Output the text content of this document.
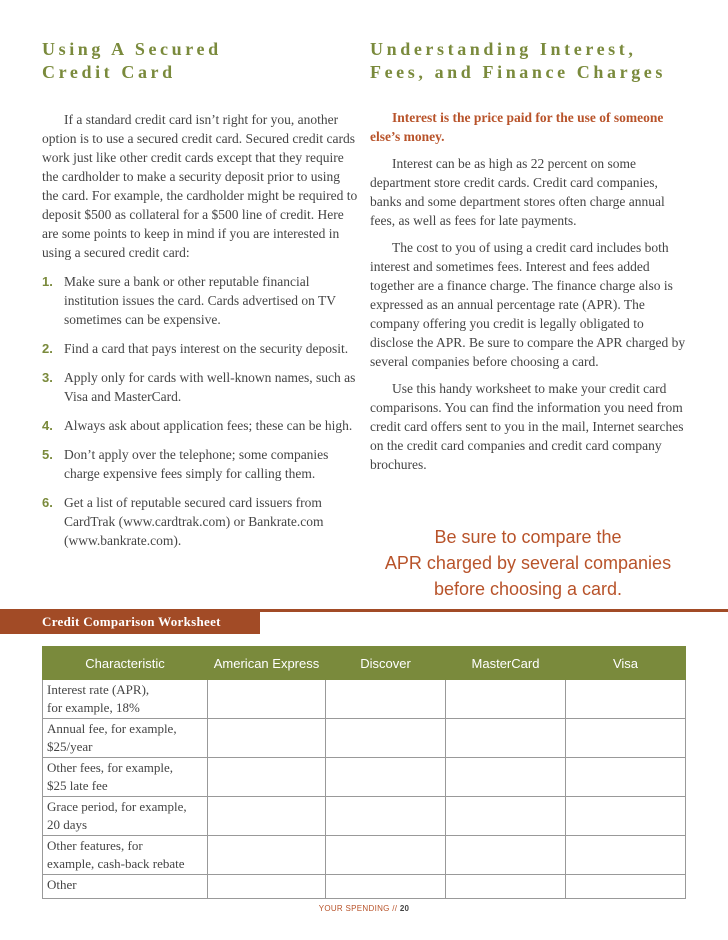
Using A Secured
Credit Card

If a standard credit card isn’t right for you, another option is to use a secured credit card. Secured credit cards work just like other credit cards except that they require the cardholder to make a security deposit prior to using the card. For example, the cardholder might be required to deposit $500 as collateral for a $500 line of credit. Here are some points to keep in mind if you are interested in using a secured credit card:

1. Make sure a bank or other reputable financial institution issues the card. Cards advertised on TV sometimes can be expensive.
2. Find a card that pays interest on the security deposit.
3. Apply only for cards with well-known names, such as Visa and MasterCard.
4. Always ask about application fees; these can be high.
5. Don’t apply over the telephone; some companies charge expensive fees simply for calling them.
6. Get a list of reputable secured card issuers from CardTrak (www.cardtrak.com) or Bankrate.com (www.bankrate.com).
Understanding Interest,
Fees, and Finance Charges

Interest is the price paid for the use of someone else’s money.

Interest can be as high as 22 percent on some department store credit cards. Credit card companies, banks and some department stores often charge annual fees, as well as fees for late payments.

The cost to you of using a credit card includes both interest and sometimes fees. Interest and fees added together are a finance charge. The finance charge also is expressed as an annual percentage rate (APR). The company offering you credit is legally obligated to disclose the APR. Be sure to compare the APR charged by several companies before choosing a card.

Use this handy worksheet to make your credit card comparisons. You can find the information you need from credit card offers sent to you in the mail, Internet searches on the credit card companies and credit card company brochures.

Be sure to compare the
APR charged by several companies
before choosing a card.
Credit Comparison Worksheet
Characteristic	American Express	Discover	MasterCard	Visa

Interest rate (APR),
for example, 18%				

Annual fee, for example,
$25/year				

Other fees, for example,
$25 late fee				

Grace period, for example,
20 days				

Other features, for
example, cash-back rebate				

Other				

YOUR SPENDING // 20
